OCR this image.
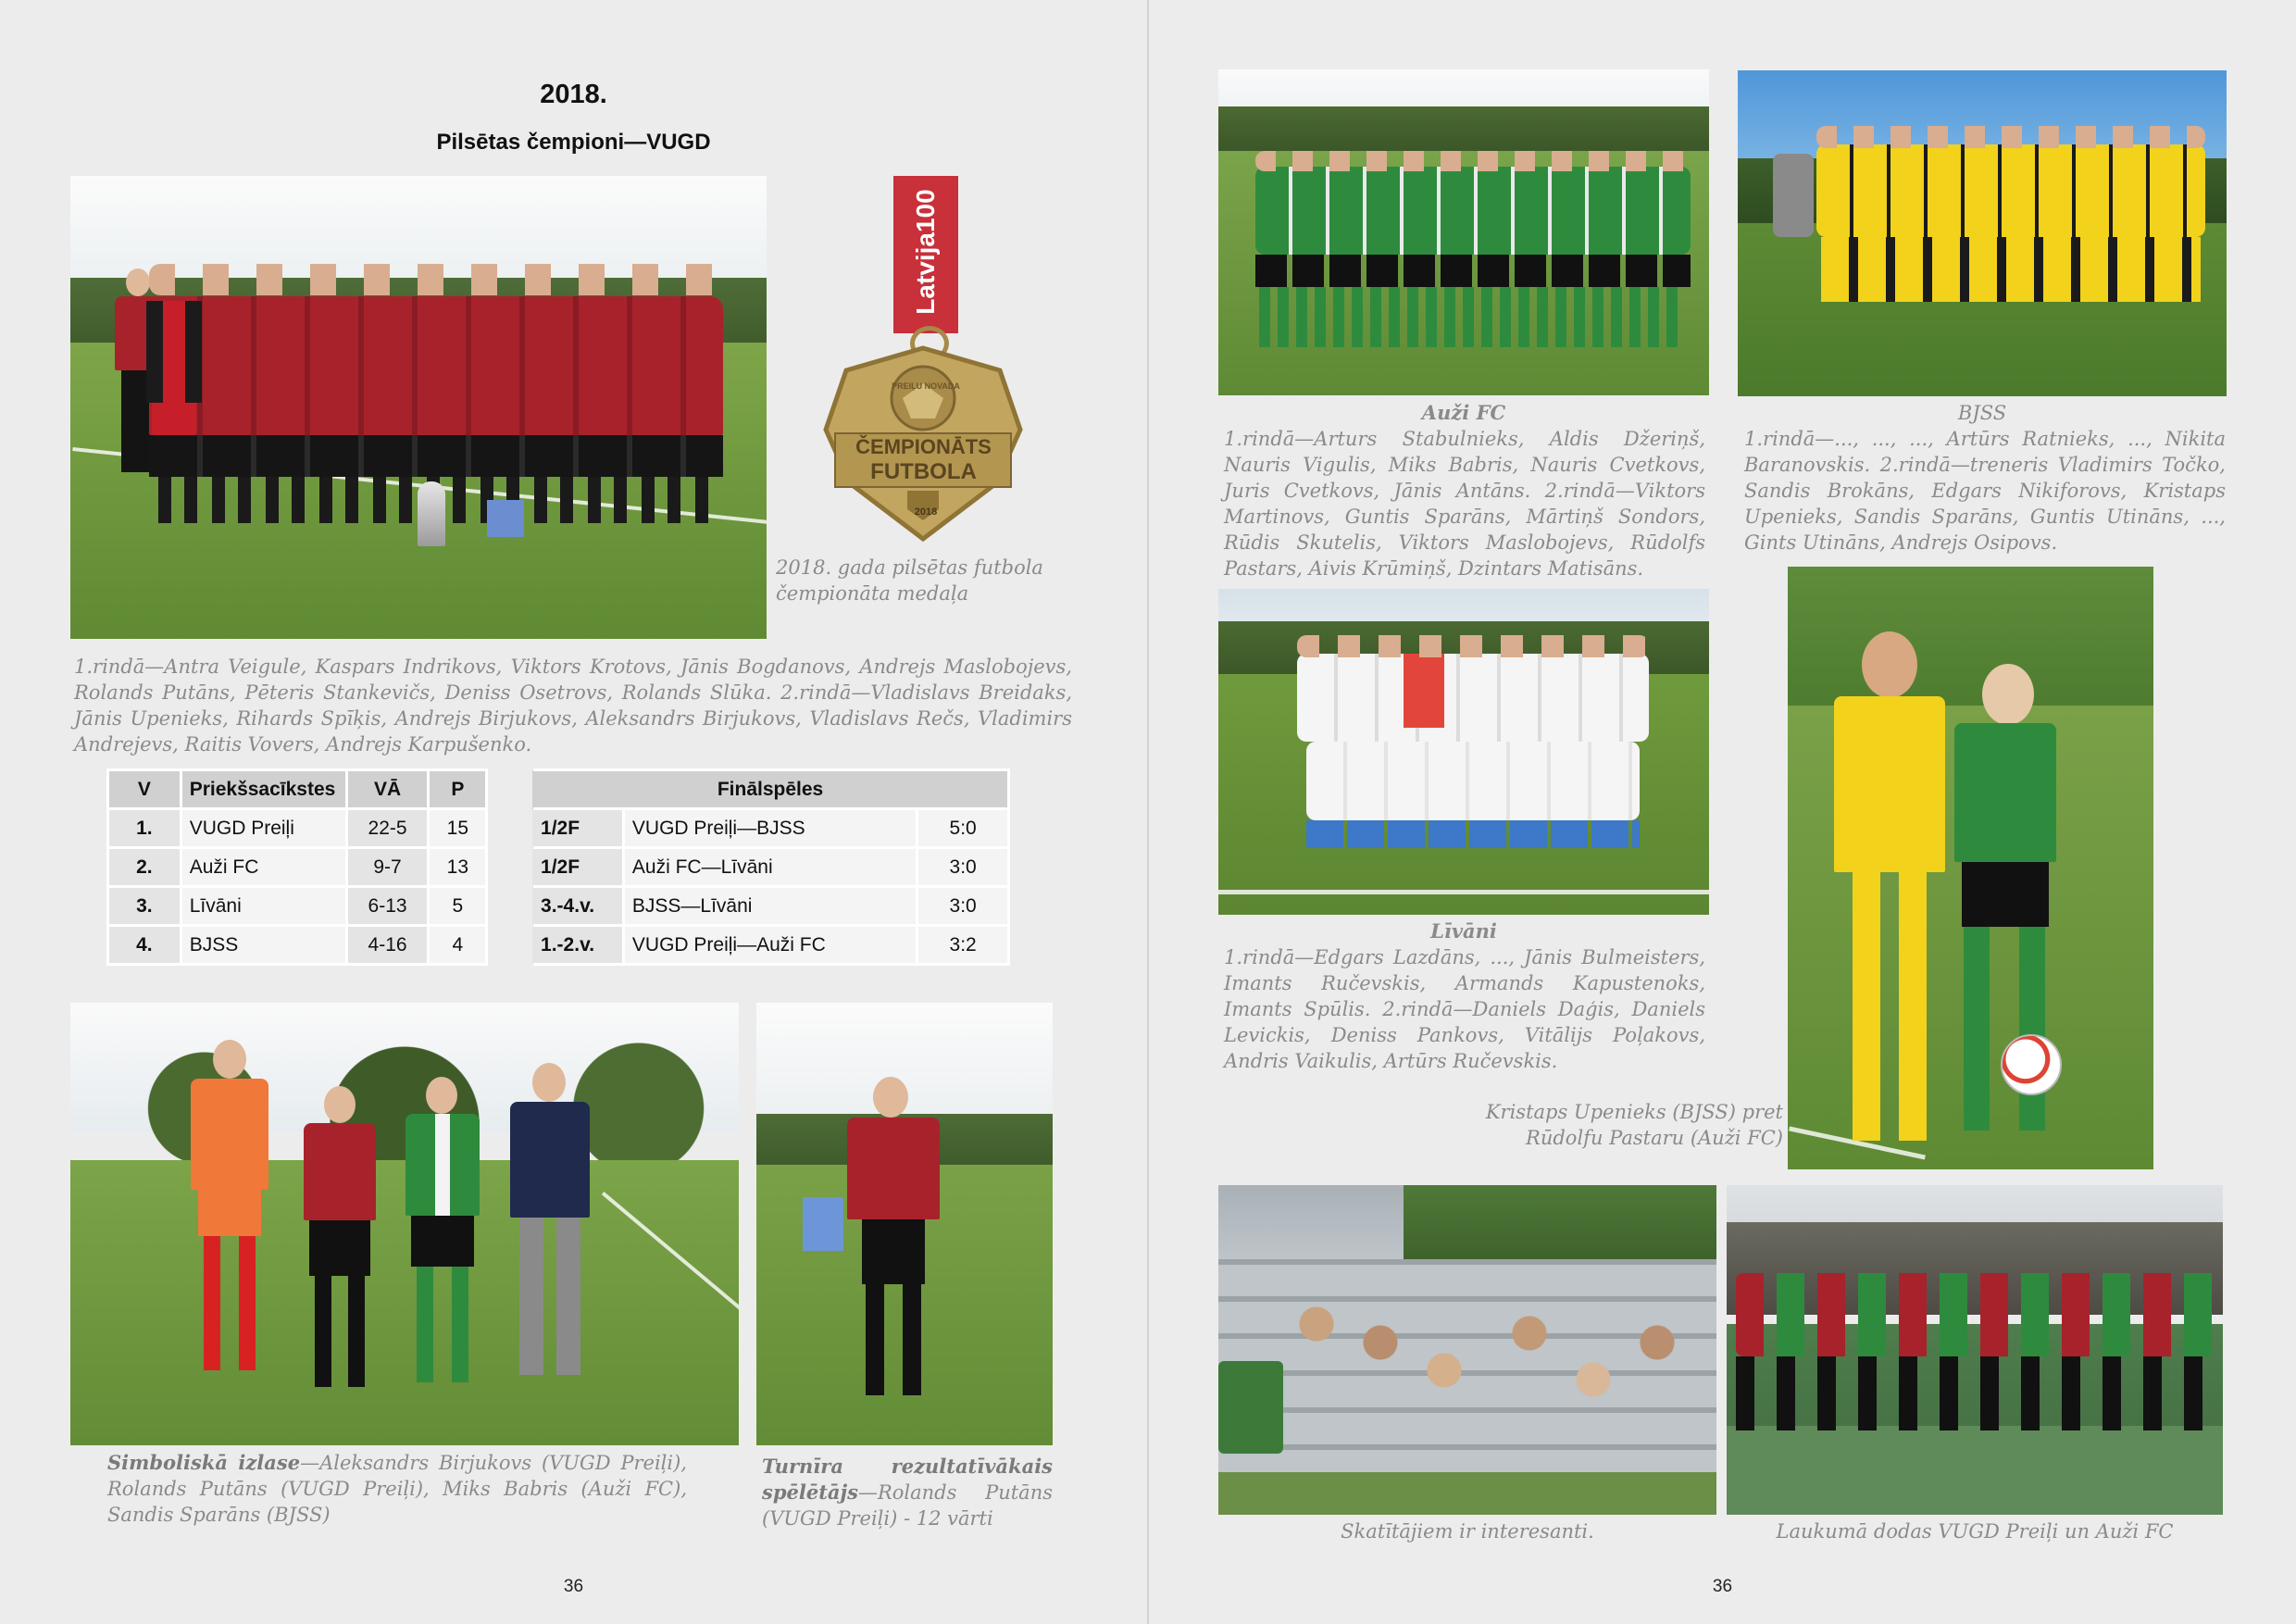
2018.
Pilsētas čempioni—VUGD
Latvija100
PREIĻU NOVADA
ČEMPIONĀTS
FUTBOLA
2018
2018. gada pilsētas futbola čempionāta medaļa
1.rindā—Antra Veigule, Kaspars Indrikovs, Viktors Krotovs, Jānis Bogdanovs, Andrejs Maslobojevs, Rolands Putāns, Pēteris Stankevičs, Deniss Osetrovs, Rolands Slūka. 2.rindā—Vladislavs Breidaks, Jānis Upenieks, Rihards Spīķis, Andrejs Birjukovs, Aleksandrs Birjukovs, Vladislavs Rečs, Vladimirs Andrejevs, Raitis Vovers, Andrejs Karpušenko.
V	Priekšsacīkstes	VĀ	P		Finālspēles		
1.	VUGD Preiļi	22-5	15		1/2F	VUGD Preiļi—BJSS	5:0
2.	Auži FC	9-7	13		1/2F	Auži FC—Līvāni	3:0
3.	Līvāni	6-13	5		3.-4.v.	BJSS—Līvāni	3:0
4.	BJSS	4-16	4		1.-2.v.	VUGD Preiļi—Auži FC	3:2
Simboliskā izlase—Aleksandrs Birjukovs (VUGD Preiļi), Rolands Putāns (VUGD Preiļi), Miks Babris (Auži FC), Sandis Sparāns (BJSS)
Turnīra rezultatīvākais spēlētājs—Rolands Putāns (VUGD Preiļi) - 12 vārti
36
Auži FC
1.rindā—Arturs Stabulnieks, Aldis Džeriņš, Nauris Vigulis, Miks Babris, Nauris Cvetkovs, Juris Cvetkovs, Jānis Antāns. 2.rindā—Viktors Martinovs, Guntis Sparāns, Mārtiņš Sondors, Rūdis Skutelis, Viktors Maslobojevs, Rūdolfs Pastars, Aivis Krūmiņš, Dzintars Matisāns.
BJSS
1.rindā—..., ..., ..., Artūrs Ratnieks, ..., Nikita Baranovskis. 2.rindā—treneris Vladimirs Točko, Sandis Brokāns, Edgars Nikiforovs, Kristaps Upenieks, Sandis Sparāns, Guntis Utināns, ..., Gints Utināns, Andrejs Osipovs.
Līvāni
1.rindā—Edgars Lazdāns, ..., Jānis Bulmeisters, Imants Ručevskis, Armands Kapustenoks, Imants Spūlis. 2.rindā—Daniels Daģis, Daniels Levickis, Deniss Pankovs, Vitālijs Poļakovs, Andris Vaikulis, Artūrs Ručevskis.
Kristaps Upenieks (BJSS) pret
Rūdolfu Pastaru (Auži FC)
Skatītājiem ir interesanti.	Laukumā dodas VUGD Preiļi un Auži FC
36
